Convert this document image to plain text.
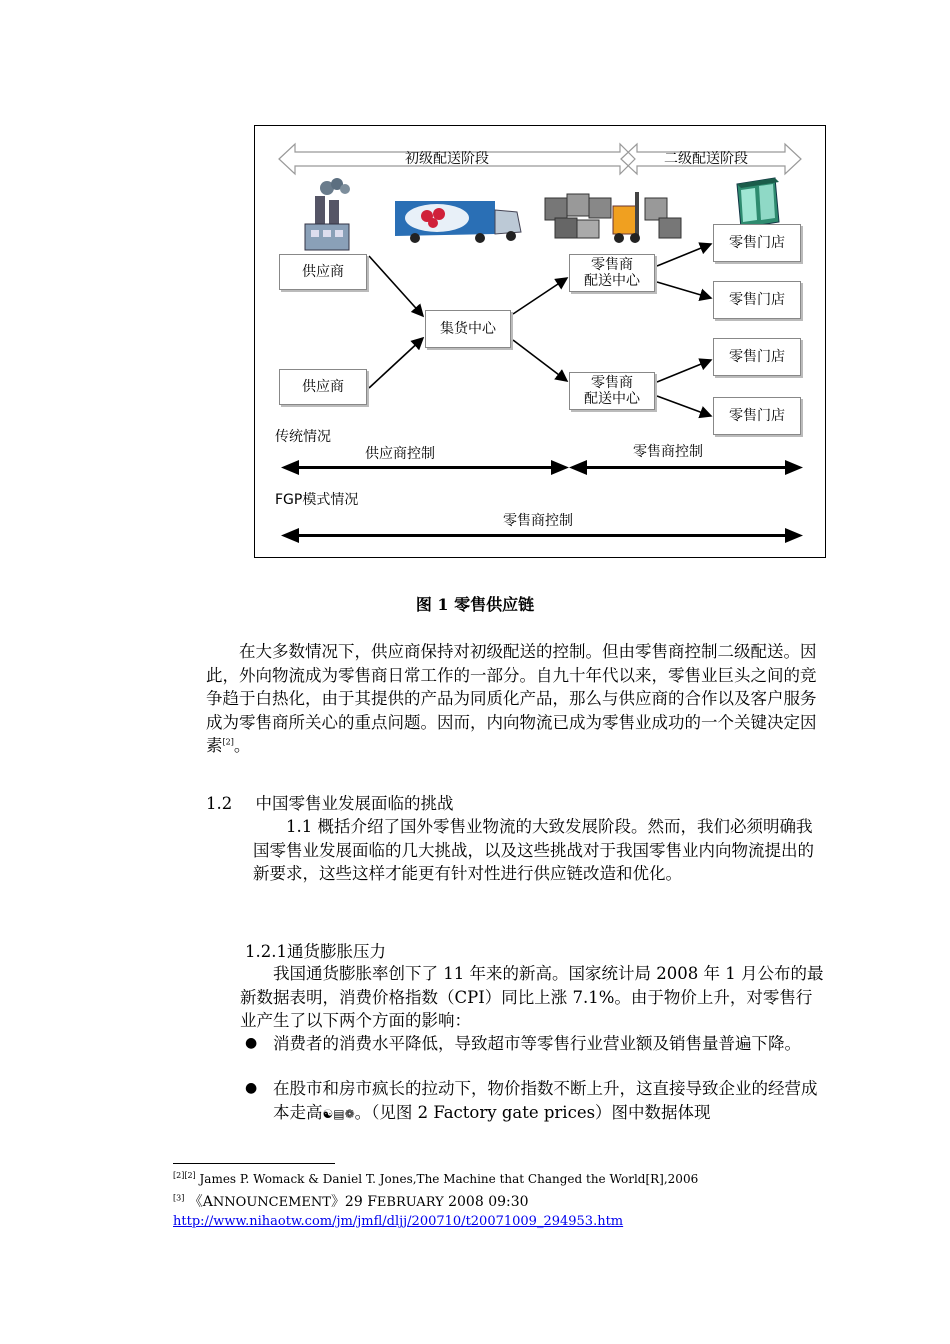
初级配送阶段	二级配送阶段
供应商
供应商
集货中心
零售商
配送中心
零售商
配送中心
零售门店
零售门店
零售门店
零售门店
传统情况
供应商控制	零售商控制
FGP模式情况
零售商控制
图 1 零售供应链

在大多数情况下，供应商保持对初级配送的控制。但由零售商控制二级配送。因此，外向物流成为零售商日常工作的一部分。自九十年代以来，零售业巨头之间的竞争趋于白热化，由于其提供的产品为同质化产品，那么与供应商的合作以及客户服务成为零售商所关心的重点问题。因而，内向物流已成为零售业成功的一个关键决定因素[2]。

1.2 中国零售业发展面临的挑战

1.1 概括介绍了国外零售业物流的大致发展阶段。然而，我们必须明确我国零售业发展面临的几大挑战，以及这些挑战对于我国零售业内向物流提出的新要求，这些这样才能更有针对性进行供应链改造和优化。

1.2.1通货膨胀压力

我国通货膨胀率创下了 11 年来的新高。国家统计局 2008 年 1 月公布的最新数据表明，消费价格指数（CPI）同比上涨 7.1%。由于物价上升，对零售行业产生了以下两个方面的影响：

● 消费者的消费水平降低，导致超市等零售行业营业额及销售量普遍下降。
● 在股市和房市疯长的拉动下，物价指数不断上升，这直接导致企业的经营成本走高☯▤❁。（见图 2 Factory gate prices）图中数据体现
[2][2] James P. Womack & Daniel T. Jones,The Machine that Changed the World[R],2006
[3] 《ANNOUNCEMENT》29 FEBRUARY 2008 09:30
http://www.nihaotw.com/jm/jmfl/dljj/200710/t20071009_294953.htm
